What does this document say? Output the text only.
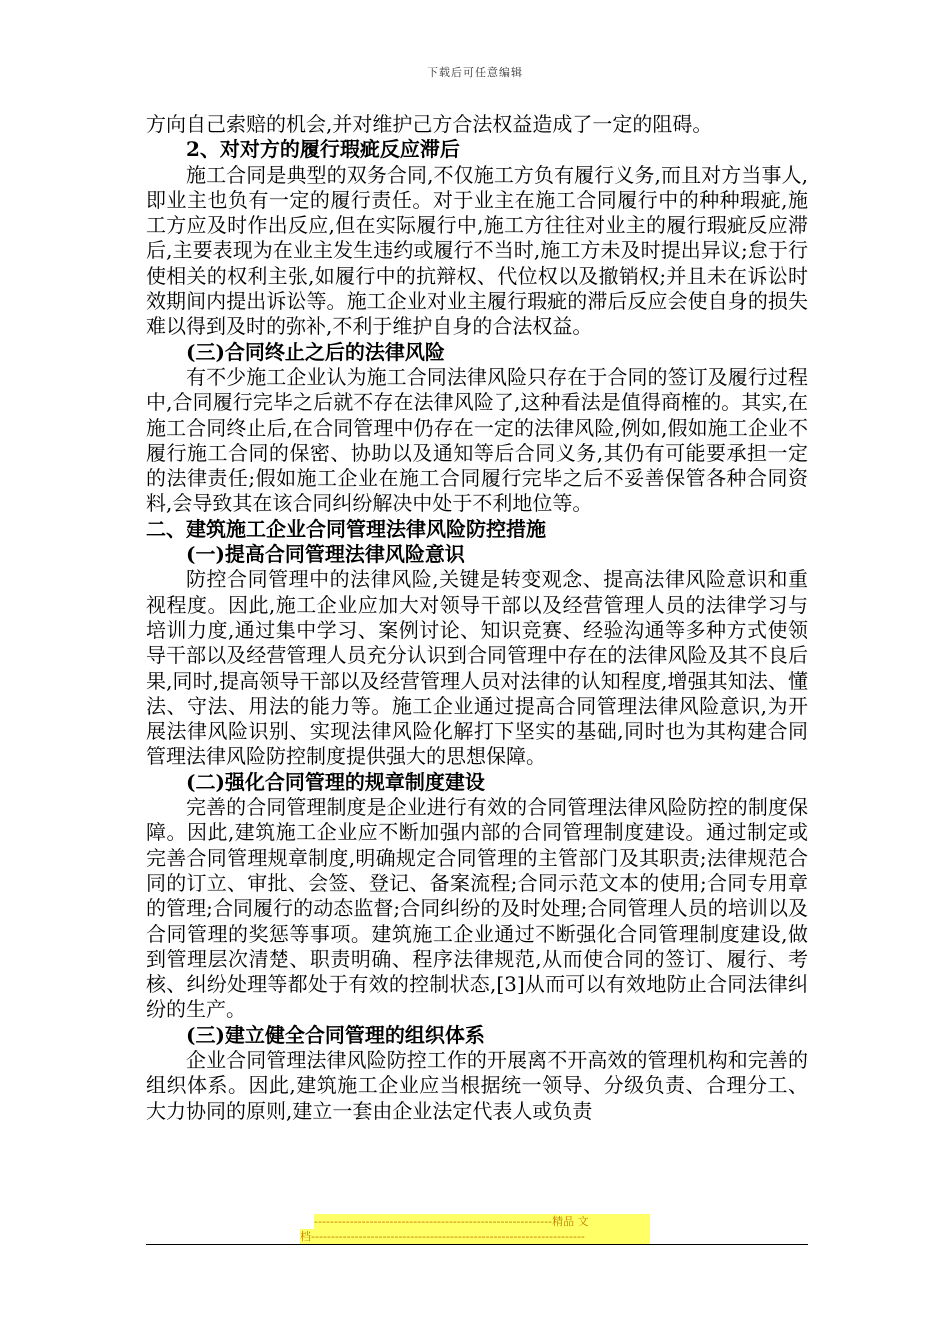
下载后可任意编辑

方向自己索赔的机会,并对维护己方合法权益造成了一定的阻碍。

2、对对方的履行瑕疵反应滞后

施工合同是典型的双务合同,不仅施工方负有履行义务,而且对方当事人,即业主也负有一定的履行责任。对于业主在施工合同履行中的种种瑕疵,施工方应及时作出反应,但在实际履行中,施工方往往对业主的履行瑕疵反应滞后,主要表现为在业主发生违约或履行不当时,施工方未及时提出异议;怠于行使相关的权利主张,如履行中的抗辩权、代位权以及撤销权;并且未在诉讼时效期间内提出诉讼等。施工企业对业主履行瑕疵的滞后反应会使自身的损失难以得到及时的弥补,不利于维护自身的合法权益。

(三)合同终止之后的法律风险

有不少施工企业认为施工合同法律风险只存在于合同的签订及履行过程中,合同履行完毕之后就不存在法律风险了,这种看法是值得商榷的。其实,在施工合同终止后,在合同管理中仍存在一定的法律风险,例如,假如施工企业不履行施工合同的保密、协助以及通知等后合同义务,其仍有可能要承担一定的法律责任;假如施工企业在施工合同履行完毕之后不妥善保管各种合同资料,会导致其在该合同纠纷解决中处于不利地位等。

二、建筑施工企业合同管理法律风险防控措施

(一)提高合同管理法律风险意识

防控合同管理中的法律风险,关键是转变观念、提高法律风险意识和重视程度。因此,施工企业应加大对领导干部以及经营管理人员的法律学习与培训力度,通过集中学习、案例讨论、知识竞赛、经验沟通等多种方式使领导干部以及经营管理人员充分认识到合同管理中存在的法律风险及其不良后果,同时,提高领导干部以及经营管理人员对法律的认知程度,增强其知法、懂法、守法、用法的能力等。施工企业通过提高合同管理法律风险意识,为开展法律风险识别、实现法律风险化解打下坚实的基础,同时也为其构建合同管理法律风险防控制度提供强大的思想保障。

(二)强化合同管理的规章制度建设

完善的合同管理制度是企业进行有效的合同管理法律风险防控的制度保障。因此,建筑施工企业应不断加强内部的合同管理制度建设。通过制定或完善合同管理规章制度,明确规定合同管理的主管部门及其职责;法律规范合同的订立、审批、会签、登记、备案流程;合同示范文本的使用;合同专用章的管理;合同履行的动态监督;合同纠纷的及时处理;合同管理人员的培训以及合同管理的奖惩等事项。建筑施工企业通过不断强化合同管理制度建设,做到管理层次清楚、职责明确、程序法律规范,从而使合同的签订、履行、考核、纠纷处理等都处于有效的控制状态,[3]从而可以有效地防止合同法律纠纷的生产。

(三)建立健全合同管理的组织体系

企业合同管理法律风险防控工作的开展离不开高效的管理机构和完善的组织体系。因此,建筑施工企业应当根据统一领导、分级负责、合理分工、大力协同的原则,建立一套由企业法定代表人或负责

------------------------------------------------------------精品 文
档---------------------------------------------------------------------
